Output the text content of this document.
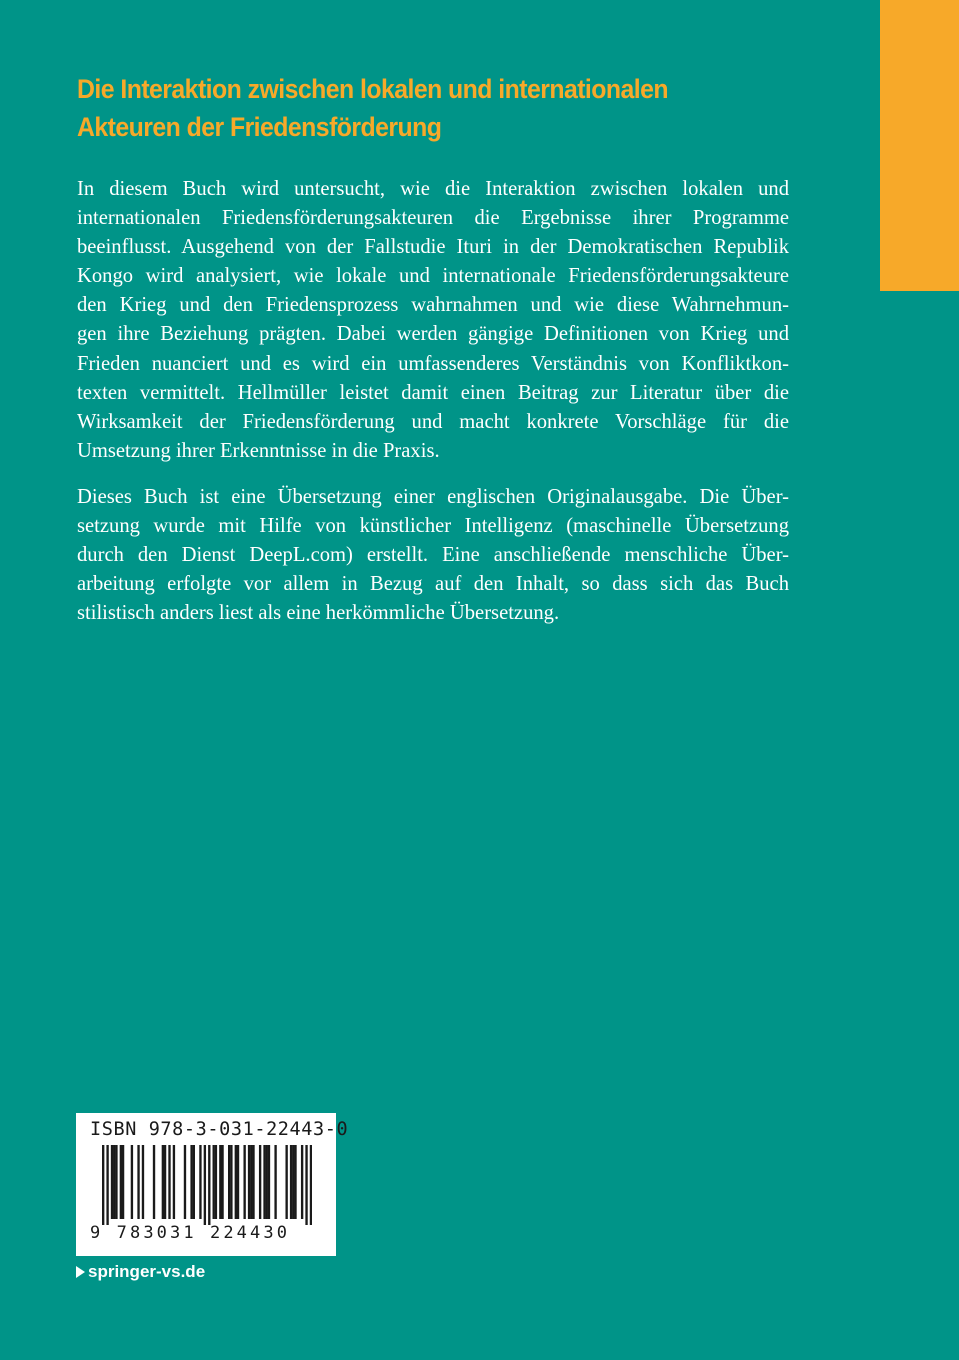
Die Interaktion zwischen lokalen und internationalen
Akteuren der Friedensförderung

In diesem Buch wird untersucht, wie die Interaktion zwischen lokalen und
internationalen Friedensförderungsakteuren die Ergebnisse ihrer Programme
beeinflusst. Ausgehend von der Fallstudie Ituri in der Demokratischen Republik
Kongo wird analysiert, wie lokale und internationale Friedensförderungsakteure
den Krieg und den Friedensprozess wahrnahmen und wie diese Wahrnehmun-
gen ihre Beziehung prägten. Dabei werden gängige Definitionen von Krieg und
Frieden nuanciert und es wird ein umfassenderes Verständnis von Konfliktkon-
texten vermittelt. Hellmüller leistet damit einen Beitrag zur Literatur über die
Wirksamkeit der Friedensförderung und macht konkrete Vorschläge für die
Umsetzung ihrer Erkenntnisse in die Praxis.

Dieses Buch ist eine Übersetzung einer englischen Originalausgabe. Die Über-
setzung wurde mit Hilfe von künstlicher Intelligenz (maschinelle Übersetzung
durch den Dienst DeepL.com) erstellt. Eine anschließende menschliche Über-
arbeitung erfolgte vor allem in Bezug auf den Inhalt, so dass sich das Buch
stilistisch anders liest als eine herkömmliche Übersetzung.

ISBN 978-3-031-22443-0
9 783031 224430
springer-vs.de
